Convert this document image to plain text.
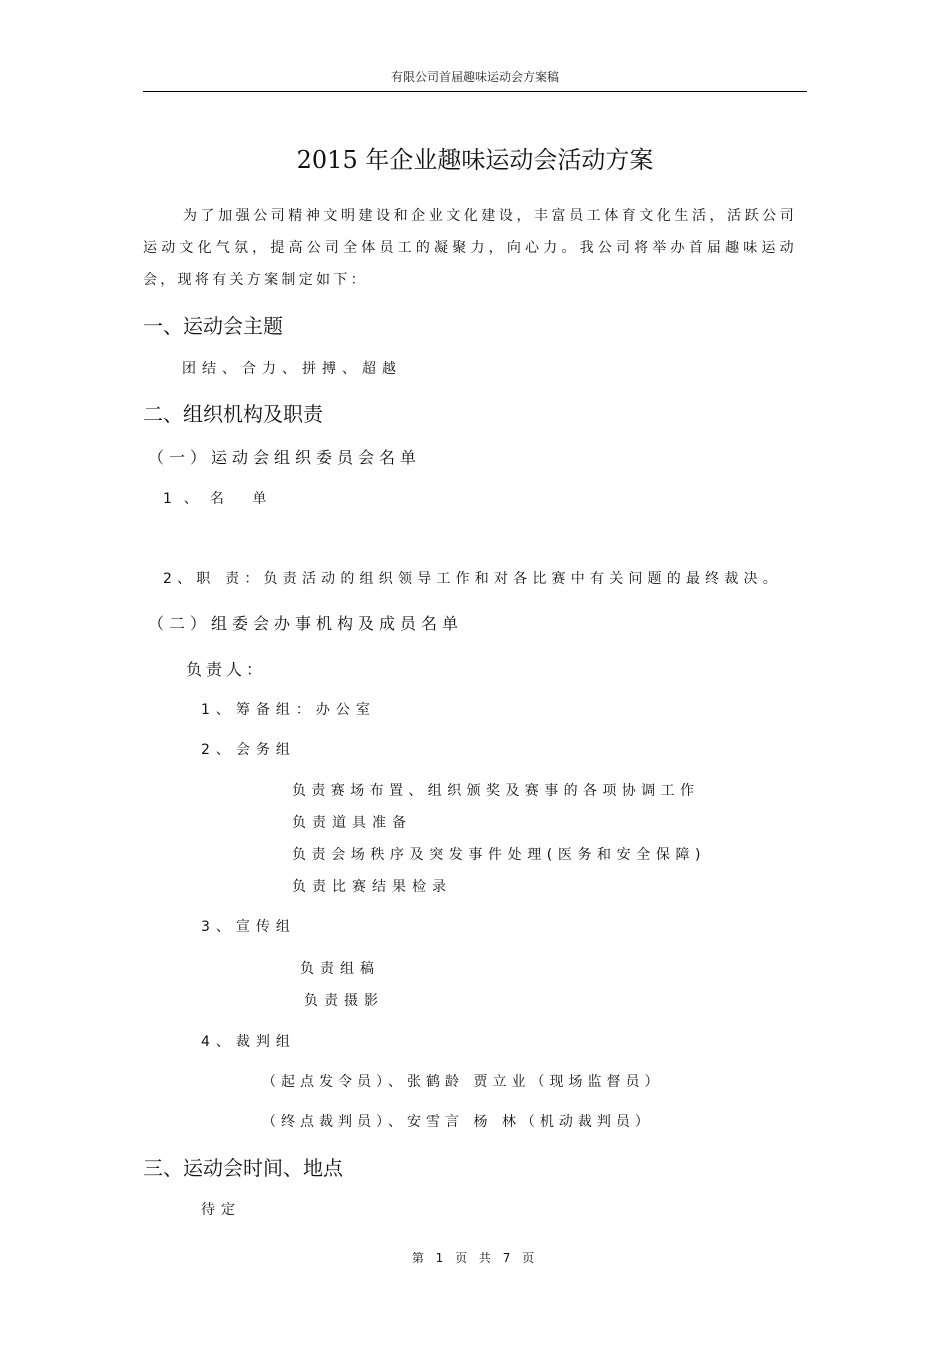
有限公司首届趣味运动会方案稿
2015 年企业趣味运动会活动方案
为了加强公司精神文明建设和企业文化建设，丰富员工体育文化生活，活跃公司运动文化气氛，提高公司全体员工的凝聚力，向心力。我公司将举办首届趣味运动会，现将有关方案制定如下：
一、运动会主题
团结、合力、拼搏、超越
二、组织机构及职责
（一）运动会组织委员会名单
1、名 单
2、职 责：负责活动的组织领导工作和对各比赛中有关问题的最终裁决。
（二）组委会办事机构及成员名单
负责人：
1、筹备组：办公室
2、会务组
负责赛场布置、组织颁奖及赛事的各项协调工作
负责道具准备
负责会场秩序及突发事件处理(医务和安全保障)
负责比赛结果检录
3、宣传组
负责组稿
负责摄影
4、裁判组
（起点发令员）、张鹤龄 贾立业（现场监督员）
（终点裁判员）、安雪言 杨 林（机动裁判员）
三、运动会时间、地点
待定
第 1 页 共 7 页
